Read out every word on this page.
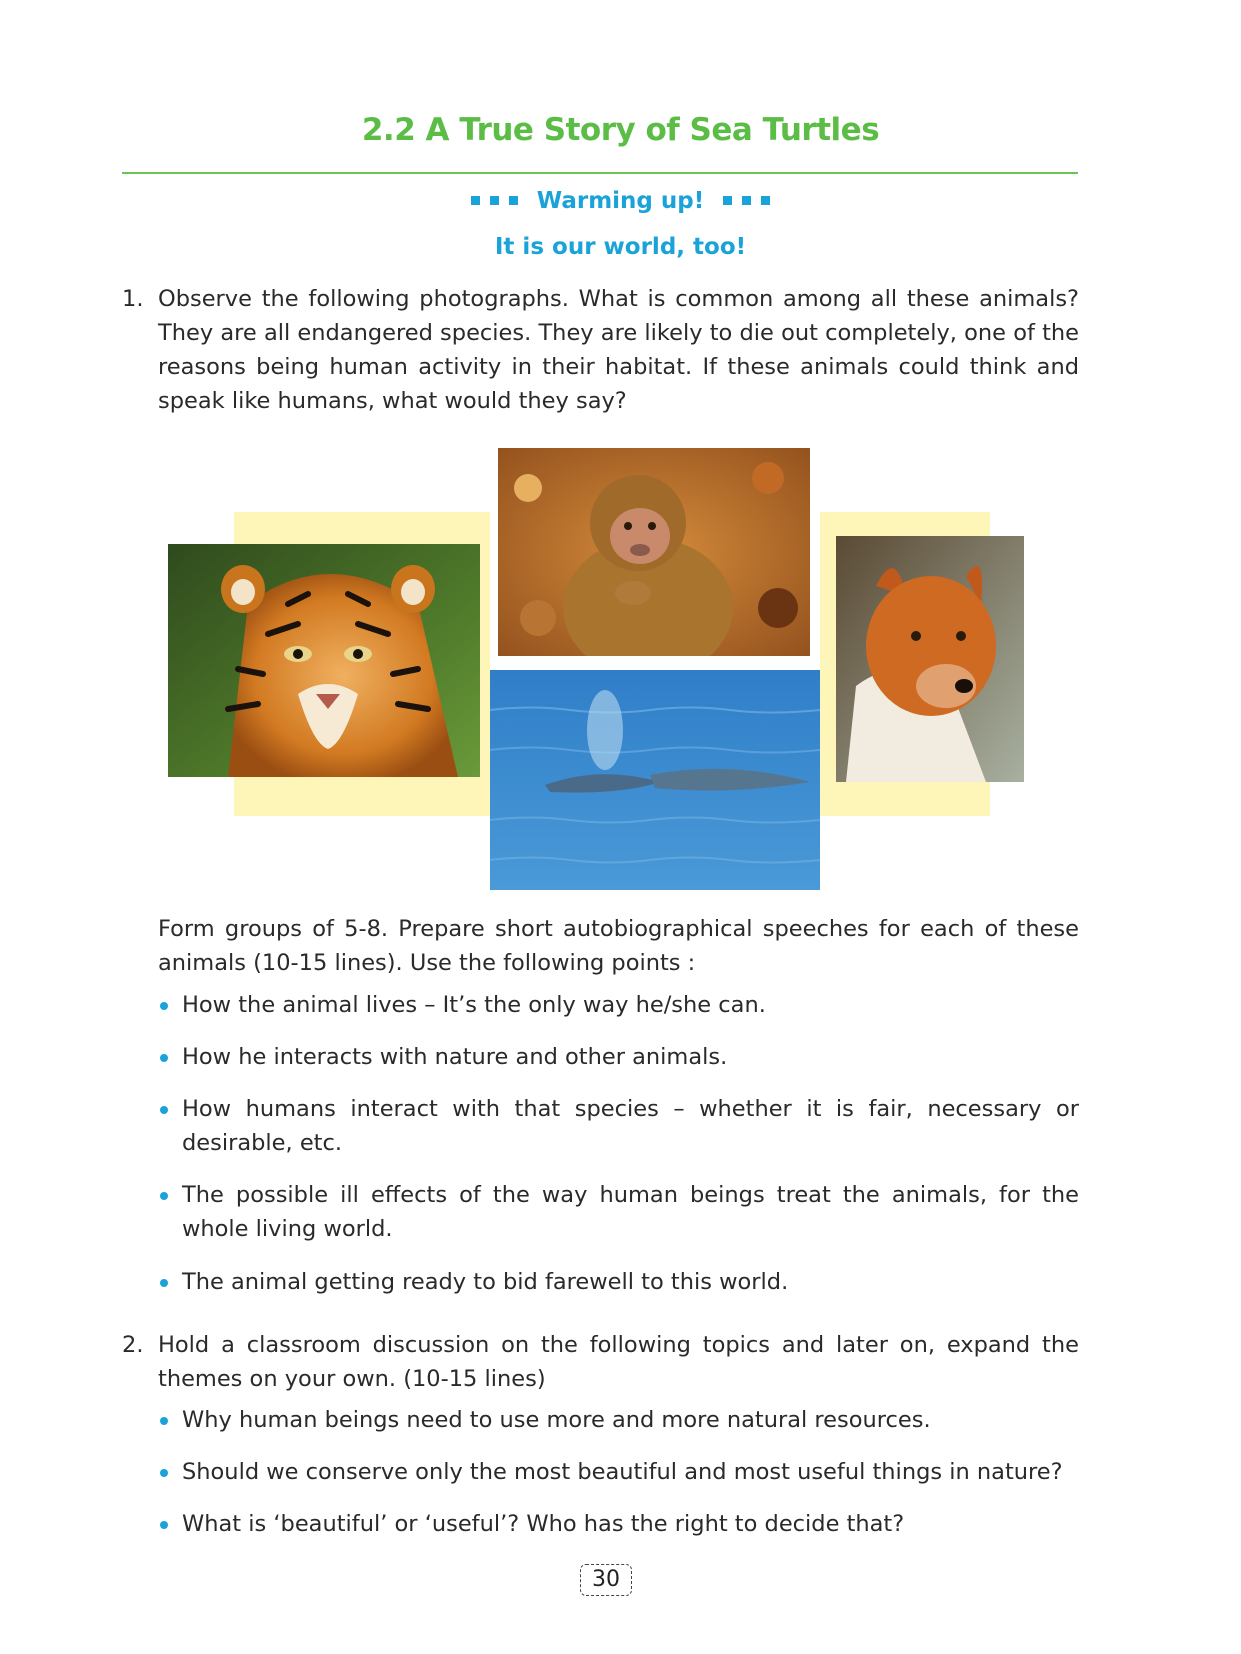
2.2 A True Story of Sea Turtles
Warming up!
It is our world, too!
1. Observe the following photographs. What is common among all these animals? They are all endangered species. They are likely to die out completely, one of the reasons being human activity in their habitat. If these animals could think and speak like humans, what would they say?
Form groups of 5-8. Prepare short autobiographical speeches for each of these animals (10-15 lines). Use the following points :
How the animal lives – It’s the only way he/she can.
How he interacts with nature and other animals.
How humans interact with that species – whether it is fair, necessary or desirable, etc.
The possible ill effects of the way human beings treat the animals, for the whole living world.
The animal getting ready to bid farewell to this world.
2. Hold a classroom discussion on the following topics and later on, expand the themes on your own. (10-15 lines)
Why human beings need to use more and more natural resources.
Should we conserve only the most beautiful and most useful things in nature?
What is ‘beautiful’ or ‘useful’? Who has the right to decide that?
30
